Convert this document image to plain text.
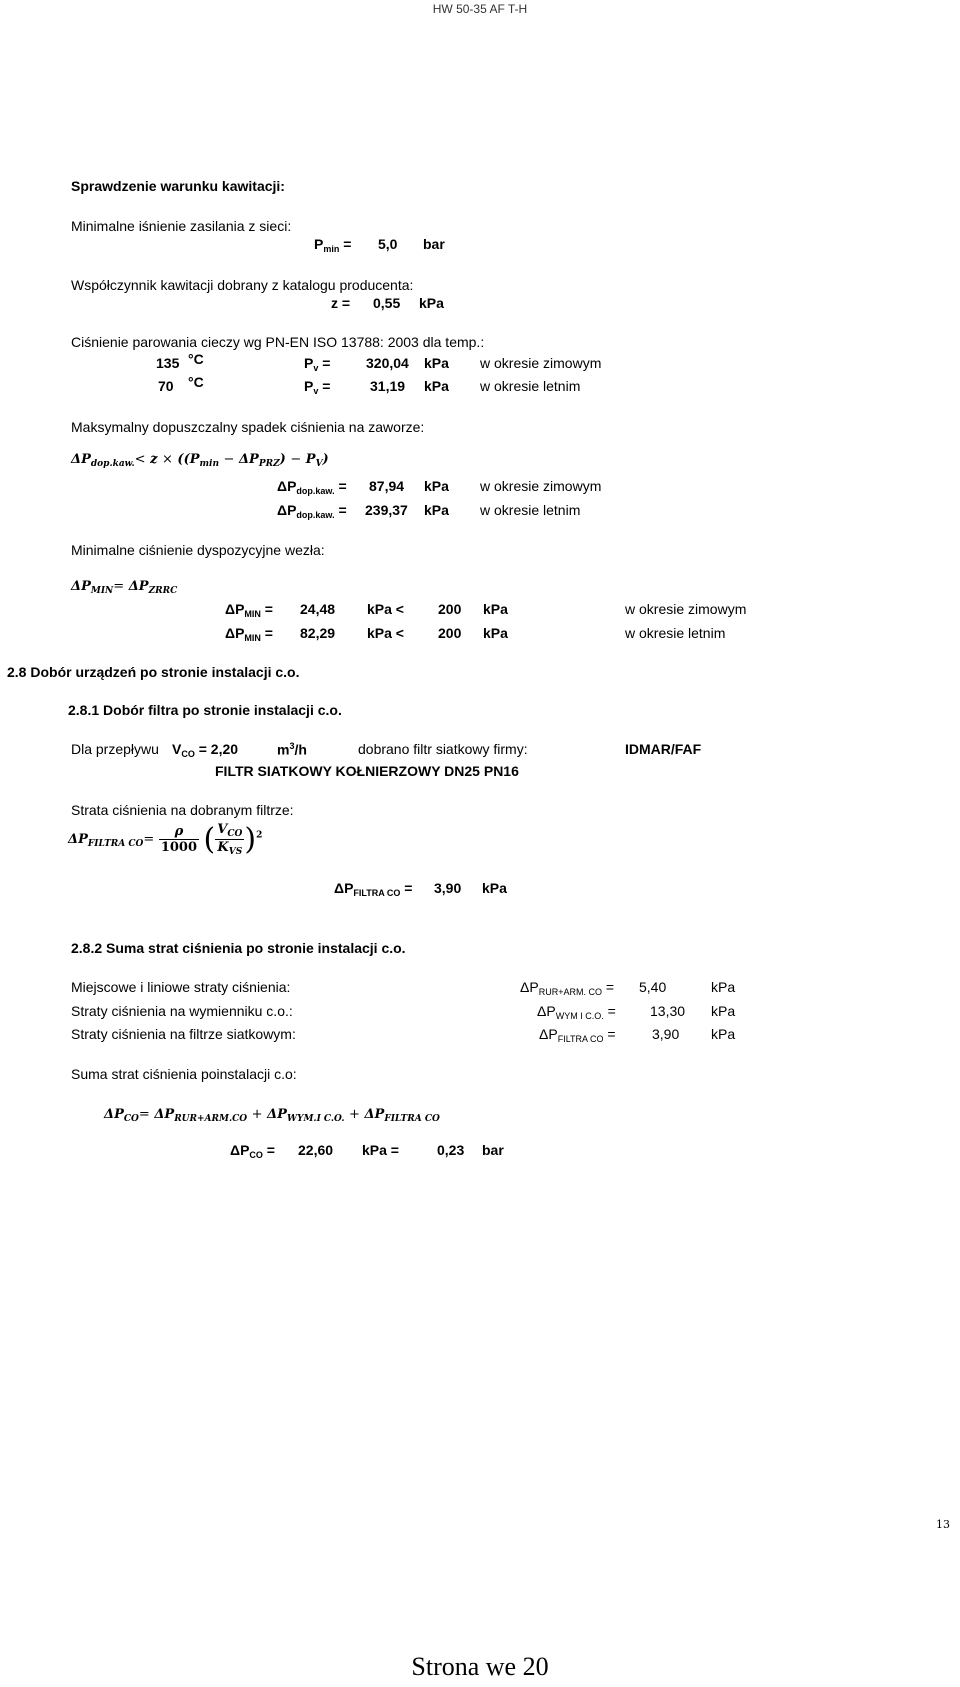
HW 50-35 AF T-H
Sprawdzenie warunku kawitacji:
Minimalne iśnienie zasilania z sieci:
$P_{min} = 5,0$ bar
Współczynnik kawitacji dobrany z katalogu producenta:
z = 0,55 kPa
Ciśnienie parowania cieczy wg PN-EN ISO 13788: 2003 dla temp.:
135 °C	$P_v$ =	320,04 kPa w okresie zimowym
70 °C	$P_v$ =	31,19 kPa w okresie letnim
Maksymalny dopuszczalny spadek ciśnienia na zaworze:
$\Delta P_{dop.kaw.}< z \times ((P_{min} - \Delta P_{PRZ}) - P_V)$
$\Delta P_{dop.kaw.} = 87,94$ kPa w okresie zimowym
$\Delta P_{dop.kaw.} = 239,37$ kPa w okresie letnim
Minimalne ciśnienie dyspozycyjne wezła:
$\Delta P_{MIN}= \Delta P_{ZRRC}$
$\Delta P_{MIN} = 24,48$ kPa < 200 kPa	w okresie zimowym
$\Delta P_{MIN} = 82,29$ kPa < 200 kPa	w okresie letnim
2.8 Dobór urządzeń po stronie instalacji c.o.
2.8.1 Dobór filtra po stronie instalacji c.o.
Dla przepływu $V_{CO} = 2,20$	$m^3/h$	dobrano filtr siatkowy firmy:	IDMAR/FAF
FILTR SIATKOWY KOŁNIERZOWY DN25 PN16
Strata ciśnienia na dobranym filtrze:
$\Delta P_{FILTRA CO}= \frac{\rho}{1000}$ ( $\frac{V_{CO}}{K_{VS}} )^2$
$\Delta P_{FILTRA CO} = 3,90$ kPa
2.8.2 Suma strat ciśnienia po stronie instalacji c.o.
Miejscowe i liniowe straty ciśnienia:	$\Delta P_{RUR+ARM. CO} = 5,40$	kPa
Straty ciśnienia na wymienniku c.o.:	$\Delta P_{WYM I C.O.} = 13,30$ kPa
Straty ciśnienia na filtrze siatkowym:	$\Delta P_{FILTRA CO}$ =	3,90 kPa
Suma strat ciśnienia poinstalacji c.o:
$\Delta P_{CO}= \Delta P_{RUR+ARM.CO} + \Delta P_{WYM.I C.O.} + \Delta P_{FILTRA CO}$
$\Delta P_{CO} = 22,60$ kPa =	0,23 bar
13
Strona we 20
